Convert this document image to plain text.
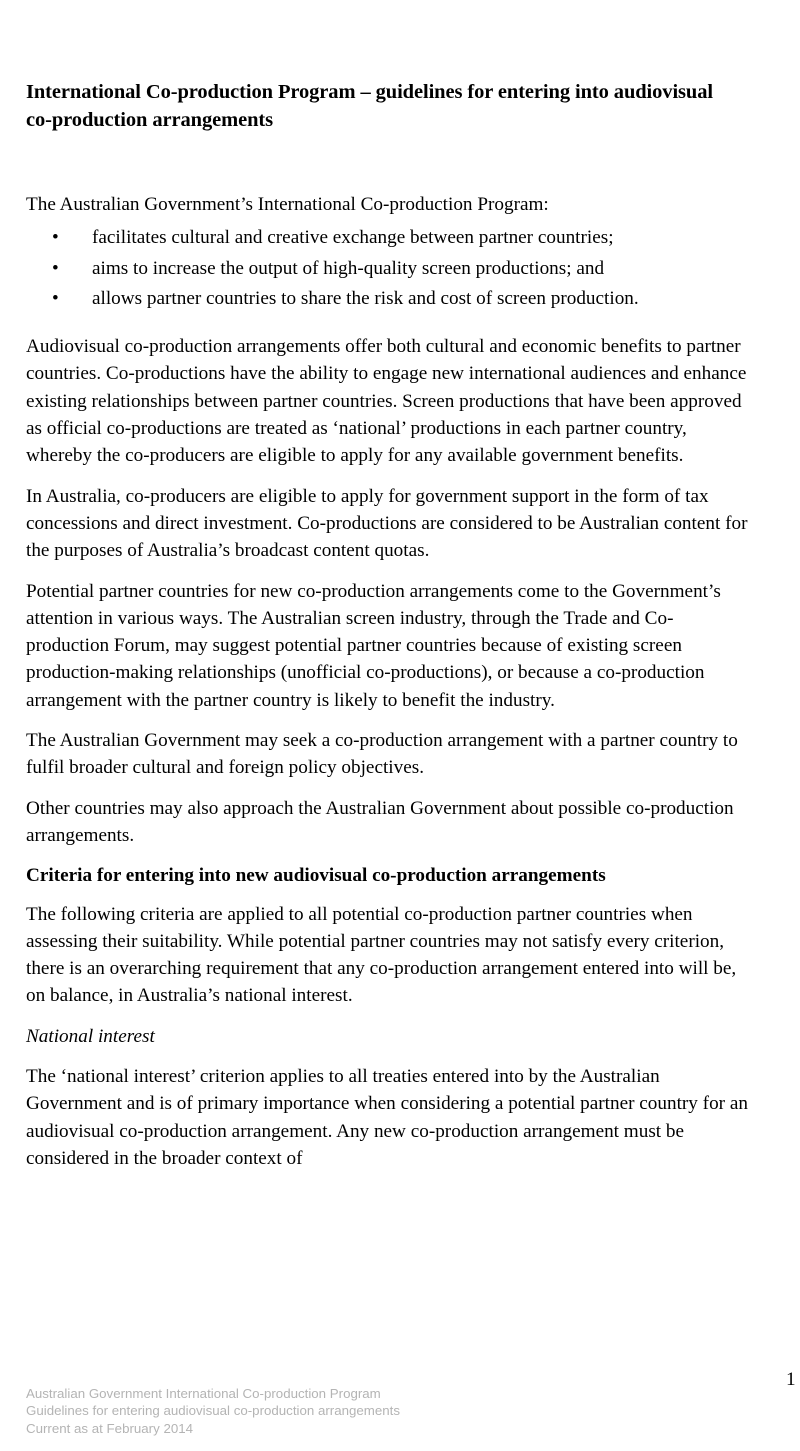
International Co-production Program – guidelines for entering into audiovisual co-production arrangements

The Australian Government’s International Co-production Program:

• facilitates cultural and creative exchange between partner countries;
• aims to increase the output of high-quality screen productions; and
• allows partner countries to share the risk and cost of screen production.

Audiovisual co-production arrangements offer both cultural and economic benefits to partner countries. Co-productions have the ability to engage new international audiences and enhance existing relationships between partner countries. Screen productions that have been approved as official co-productions are treated as ‘national’ productions in each partner country, whereby the co-producers are eligible to apply for any available government benefits.

In Australia, co-producers are eligible to apply for government support in the form of tax concessions and direct investment. Co-productions are considered to be Australian content for the purposes of Australia’s broadcast content quotas.

Potential partner countries for new co-production arrangements come to the Government’s attention in various ways. The Australian screen industry, through the Trade and Co-production Forum, may suggest potential partner countries because of existing screen production-making relationships (unofficial co-productions), or because a co-production arrangement with the partner country is likely to benefit the industry.

The Australian Government may seek a co-production arrangement with a partner country to fulfil broader cultural and foreign policy objectives.

Other countries may also approach the Australian Government about possible co-production arrangements.

Criteria for entering into new audiovisual co-production arrangements

The following criteria are applied to all potential co-production partner countries when assessing their suitability. While potential partner countries may not satisfy every criterion, there is an overarching requirement that any co-production arrangement entered into will be, on balance, in Australia’s national interest.

National interest

The ‘national interest’ criterion applies to all treaties entered into by the Australian Government and is of primary importance when considering a potential partner country for an audiovisual co-production arrangement. Any new co-production arrangement must be considered in the broader context of

Australian Government International Co-production Program
Guidelines for entering audiovisual co-production arrangements
Current as at February 2014
1
